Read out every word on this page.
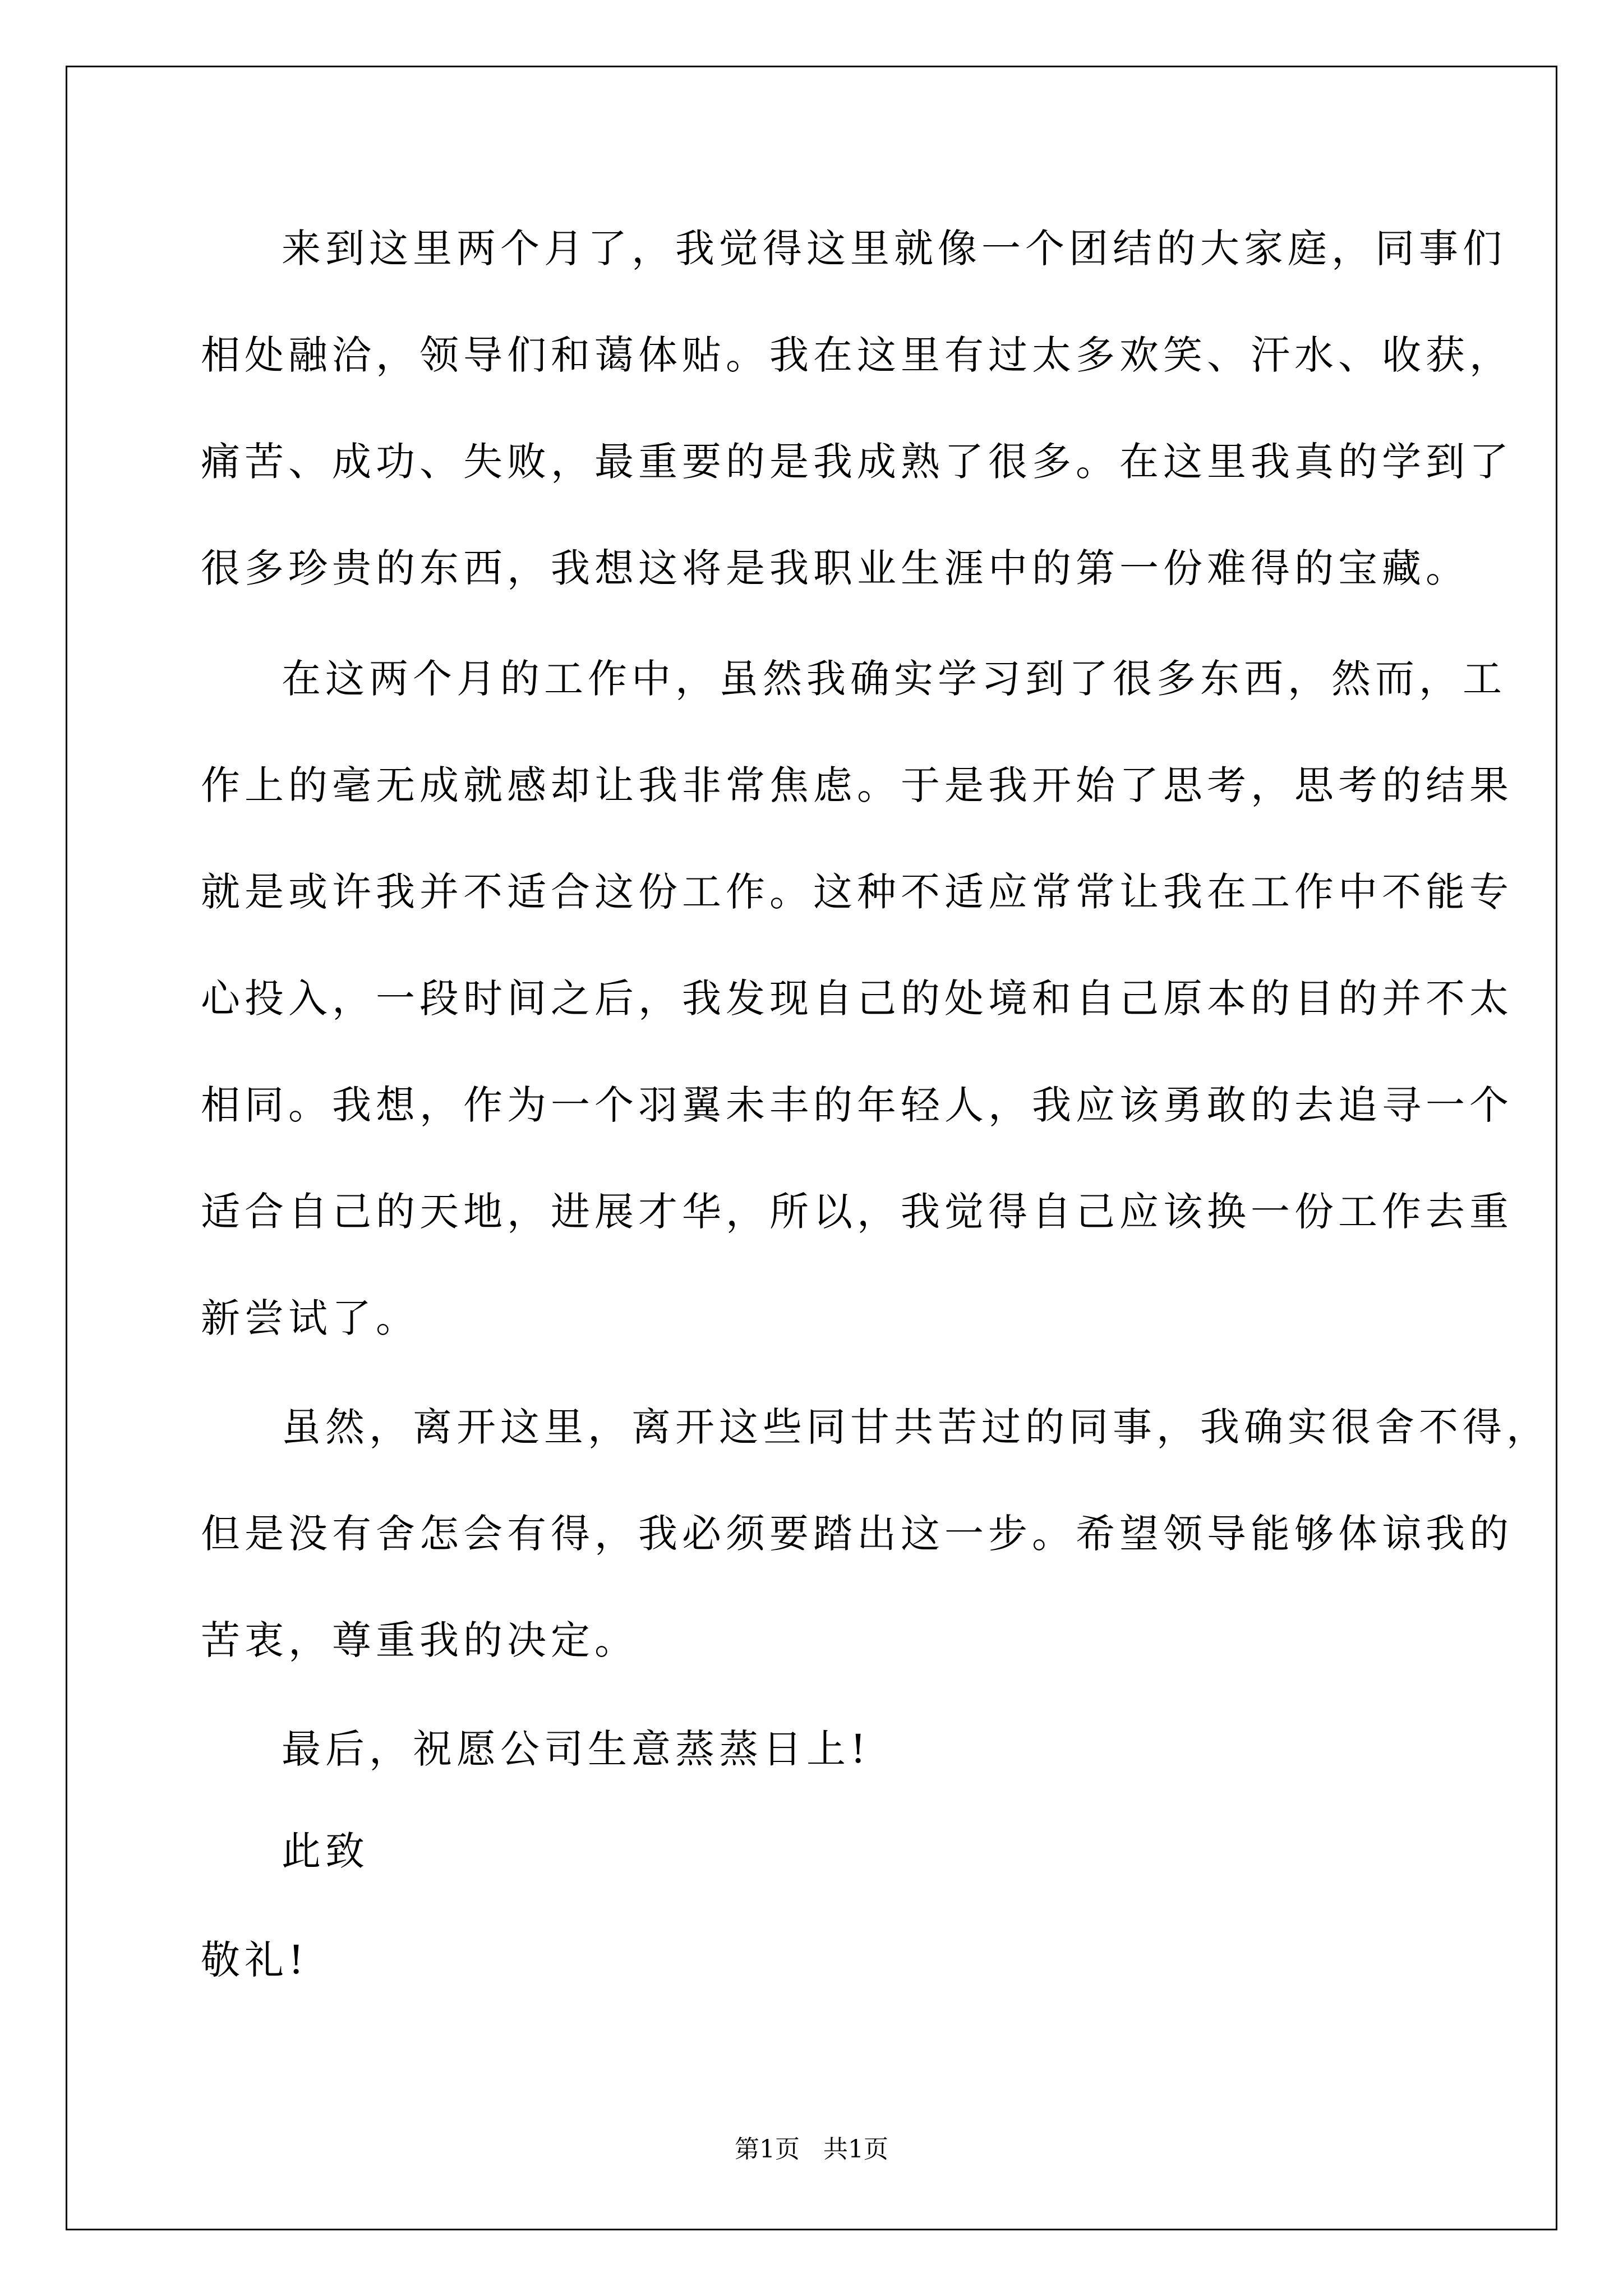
来到这里两个月了，我觉得这里就像一个团结的大家庭，同事们
相处融洽，领导们和蔼体贴。我在这里有过太多欢笑、汗水、收获，
痛苦、成功、失败，最重要的是我成熟了很多。在这里我真的学到了
很多珍贵的东西，我想这将是我职业生涯中的第一份难得的宝藏。
在这两个月的工作中，虽然我确实学习到了很多东西，然而，工
作上的毫无成就感却让我非常焦虑。于是我开始了思考，思考的结果
就是或许我并不适合这份工作。这种不适应常常让我在工作中不能专
心投入，一段时间之后，我发现自己的处境和自己原本的目的并不太
相同。我想，作为一个羽翼未丰的年轻人，我应该勇敢的去追寻一个
适合自己的天地，进展才华，所以，我觉得自己应该换一份工作去重
新尝试了。
虽然，离开这里，离开这些同甘共苦过的同事，我确实很舍不得，
但是没有舍怎会有得，我必须要踏出这一步。希望领导能够体谅我的
苦衷，尊重我的决定。
最后，祝愿公司生意蒸蒸日上!
此致
敬礼!
第1页 共1页
